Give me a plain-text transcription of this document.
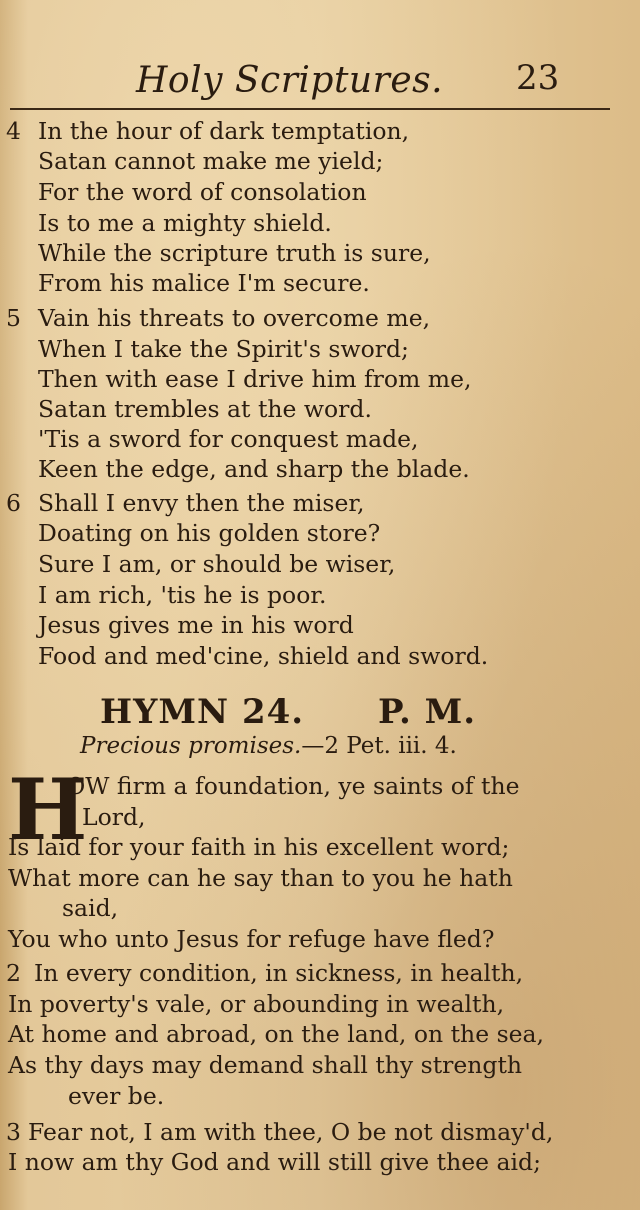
Holy Scriptures. 23
4 In the hour of dark temptation,
Satan cannot make me yield;
For the word of consolation
Is to me a mighty shield.
While the scripture truth is sure,
From his malice I'm secure.
5 Vain his threats to overcome me,
When I take the Spirit's sword;
Then with ease I drive him from me,
Satan trembles at the word.
'Tis a sword for conquest made,
Keen the edge, and sharp the blade.
6 Shall I envy then the miser,
Doating on his golden store?
Sure I am, or should be wiser,
I am rich, 'tis he is poor.
Jesus gives me in his word
Food and med'cine, shield and sword.
HYMN 24. P. M.
Precious promises.—2 Pet. iii. 4.
H
OW firm a foundation, ye saints of the
Lord,
Is laid for your faith in his excellent word;
What more can he say than to you he hath
said,
You who unto Jesus for refuge have fled?
2 In every condition, in sickness, in health,
In poverty's vale, or abounding in wealth,
At home and abroad, on the land, on the sea,
As thy days may demand shall thy strength
ever be.
3 Fear not, I am with thee, O be not dismay'd,
I now am thy God and will still give thee aid;
